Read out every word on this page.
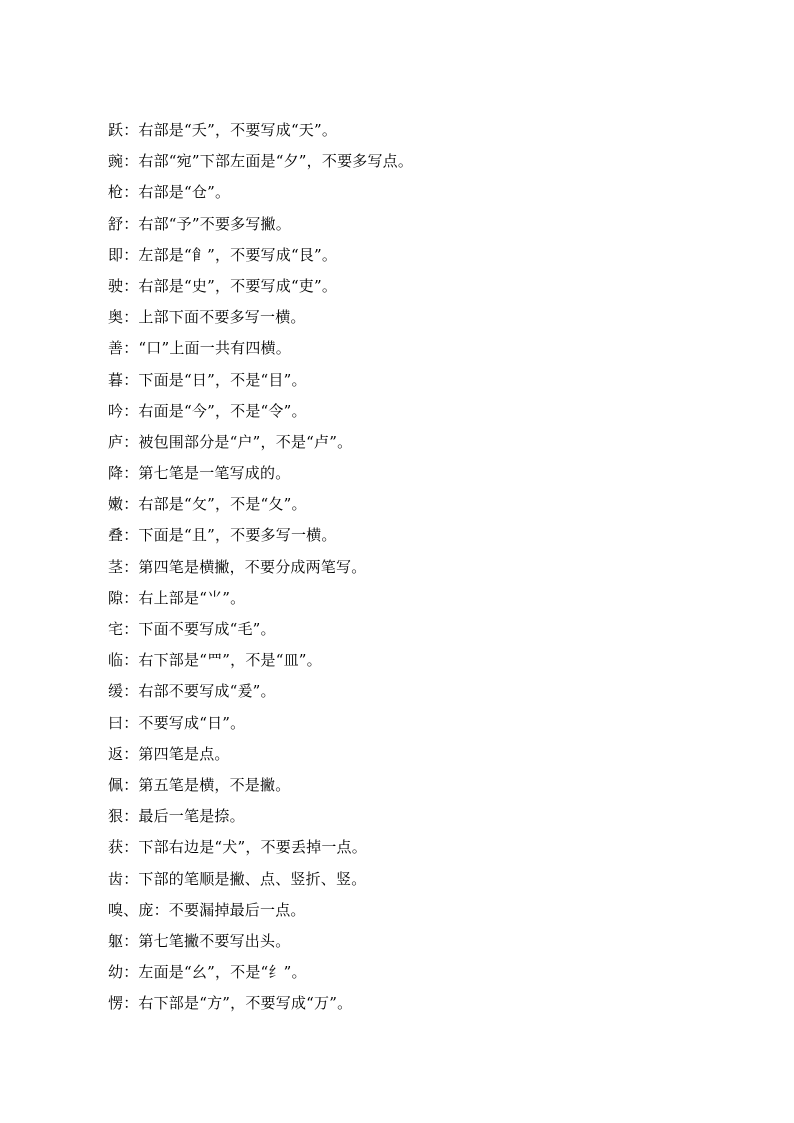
跃：右部是“夭”，不要写成“天”。
豌：右部“宛”下部左面是“夕”，不要多写点。
枪：右部是“仓”。
舒：右部“予”不要多写撇。
即：左部是“⻞”，不要写成“艮”。
驶：右部是“史”，不要写成“吏”。
奥：上部下面不要多写一横。
善：“口”上面一共有四横。
暮：下面是“日”，不是“目”。
吟：右面是“今”，不是“令”。
庐：被包围部分是“户”，不是“卢”。
降：第七笔是一笔写成的。
嫩：右部是“攵”，不是“夂”。
叠：下面是“且”，不要多写一横。
茎：第四笔是横撇，不要分成两笔写。
隙：右上部是“⺌”。
宅：下面不要写成“毛”。
临：右下部是“⺲”，不是“皿”。
缓：右部不要写成“爰”。
曰：不要写成“日”。
返：第四笔是点。
佩：第五笔是横，不是撇。
狠：最后一笔是捺。
获：下部右边是“犬”，不要丢掉一点。
齿：下部的笔顺是撇、点、竖折、竖。
嗅、庞：不要漏掉最后一点。
躯：第七笔撇不要写出头。
幼：左面是“幺”，不是“纟”。
愣：右下部是“方”，不要写成“万”。
